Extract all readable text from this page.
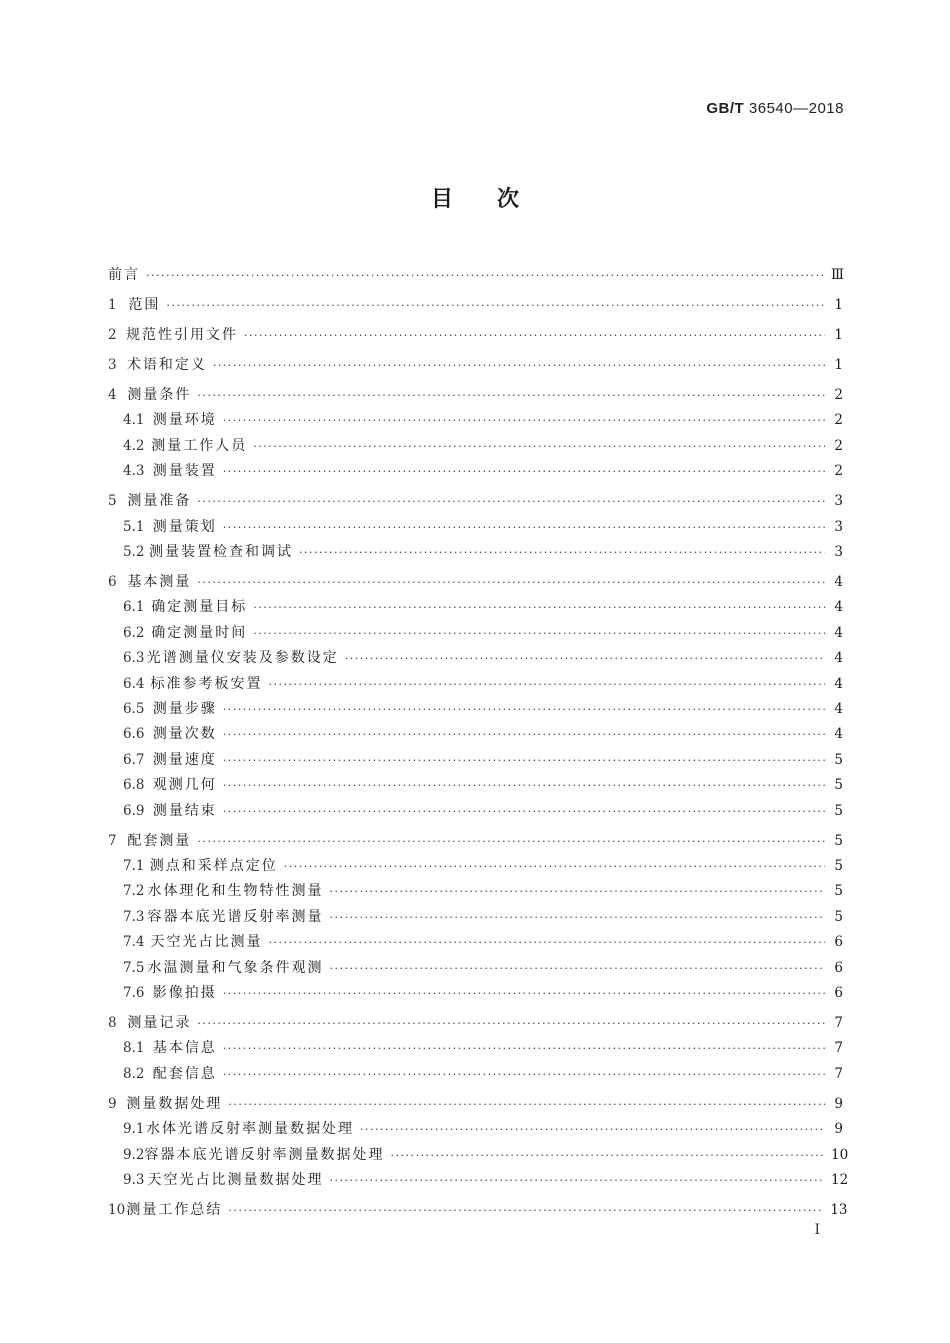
GB/T 36540—2018
目次
前言 ·····	Ⅲ
1 范围 ·····	1
2 规范性引用文件 ·····	1
3 术语和定义 ·····	1
4 测量条件 ·····	2
4.1 测量环境 ·····	2
4.2 测量工作人员 ·····	2
4.3 测量装置 ·····	2
5 测量准备 ·····	3
5.1 测量策划 ·····	3
5.2 测量装置检查和调试 ·····	3
6 基本测量 ·····	4
6.1 确定测量目标 ·····	4
6.2 确定测量时间 ·····	4
6.3 光谱测量仪安装及参数设定 ·····	4
6.4 标准参考板安置 ·····	4
6.5 测量步骤 ·····	4
6.6 测量次数 ·····	4
6.7 测量速度 ·····	5
6.8 观测几何 ·····	5
6.9 测量结束 ·····	5
7 配套测量 ·····	5
7.1 测点和采样点定位 ·····	5
7.2 水体理化和生物特性测量 ·····	5
7.3 容器本底光谱反射率测量 ·····	5
7.4 天空光占比测量 ·····	6
7.5 水温测量和气象条件观测 ·····	6
7.6 影像拍摄 ·····	6
8 测量记录 ·····	7
8.1 基本信息 ·····	7
8.2 配套信息 ·····	7
9 测量数据处理 ·····	9
9.1 水体光谱反射率测量数据处理 ·····	9
9.2 容器本底光谱反射率测量数据处理 ·····	10
9.3 天空光占比测量数据处理 ·····	12
10 测量工作总结 ·····	13
I
